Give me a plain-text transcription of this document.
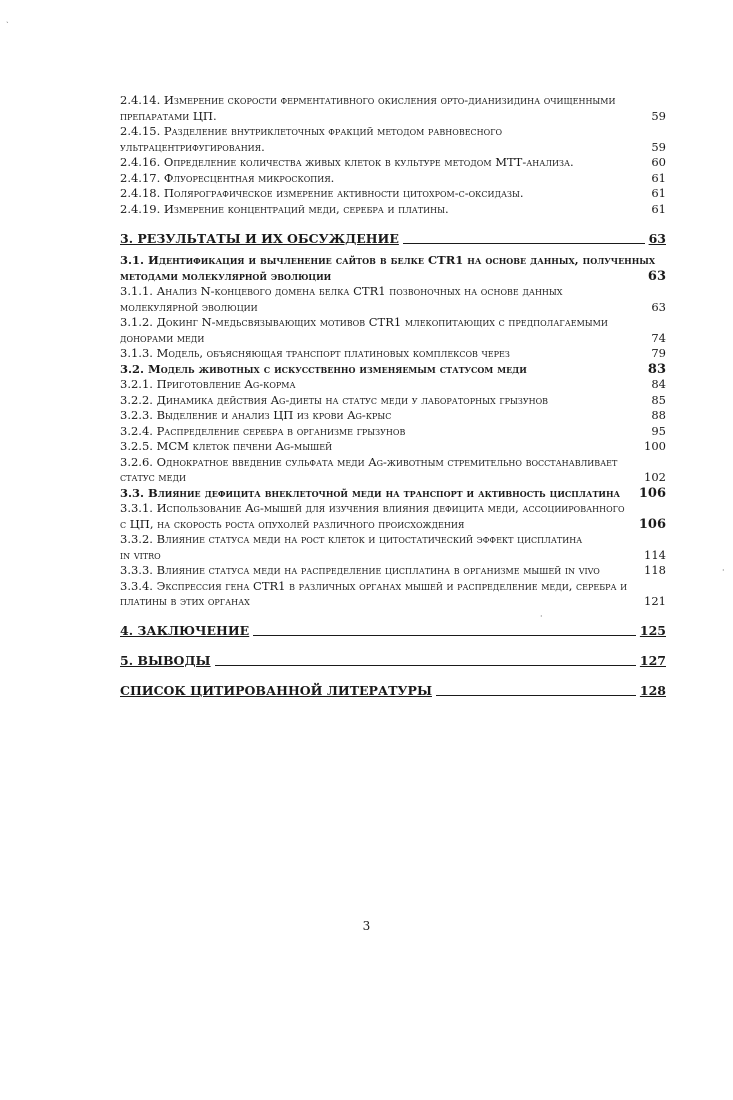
2.4.14. Измерение скорости ферментативного окисления орто-дианизидина очищенными
препаратами ЦП.	59
2.4.15. Разделение внутриклеточных фракций методом равновесного
ультрацентрифугирования.	59
2.4.16. Определение количества живых клеток в культуре методом МТТ-анализа.	60
2.4.17. Флуоресцентная микроскопия.	61
2.4.18. Полярографическое измерение активности цитохром-с-оксидазы.	61
2.4.19. Измерение концентраций меди, серебра и платины.	61
3. РЕЗУЛЬТАТЫ И ИХ ОБСУЖДЕНИЕ	63
3.1. Идентификация и вычленение сайтов в белке CTR1 на основе данных, полученных
методами молекулярной эволюции	63
3.1.1. Анализ N-концевого домена белка CTR1 позвоночных на основе данных
молекулярной эволюции	63
3.1.2. Докинг N-медьсвязывающих мотивов CTR1 млекопитающих с предполагаемыми
донорами меди	74
3.1.3. Модель, объясняющая транспорт платиновых комплексов через	79
3.2. Модель животных с искусственно изменяемым статусом меди	83
3.2.1. Приготовление Ag-корма	84
3.2.2. Динамика действия Ag-диеты на статус меди у лабораторных грызунов	85
3.2.3. Выделение и анализ ЦП из крови Ag-крыс	88
3.2.4. Распределение серебра в организме грызунов	95
3.2.5. МСМ клеток печени Ag-мышей	100
3.2.6. Однократное введение сульфата меди Ag-животным стремительно восстанавливает
статус меди	102
3.3. Влияние дефицита внеклеточной меди на транспорт и активность цисплатина	106
3.3.1. Использование Ag-мышей для изучения влияния дефицита меди, ассоциированного
с ЦП, на скорость роста опухолей различного происхождения	106
3.3.2. Влияние статуса меди на рост клеток и цитостатический эффект цисплатина
in vitro	114
3.3.3. Влияние статуса меди на распределение цисплатина в организме мышей in vivo	118
3.3.4. Экспрессия гена CTR1 в различных органах мышей и распределение меди, серебра и
платины в этих органах	121
4. ЗАКЛЮЧЕНИЕ	125
5. ВЫВОДЫ	127
СПИСОК ЦИТИРОВАННОЙ ЛИТЕРАТУРЫ	128
3
ˎ
·
·
